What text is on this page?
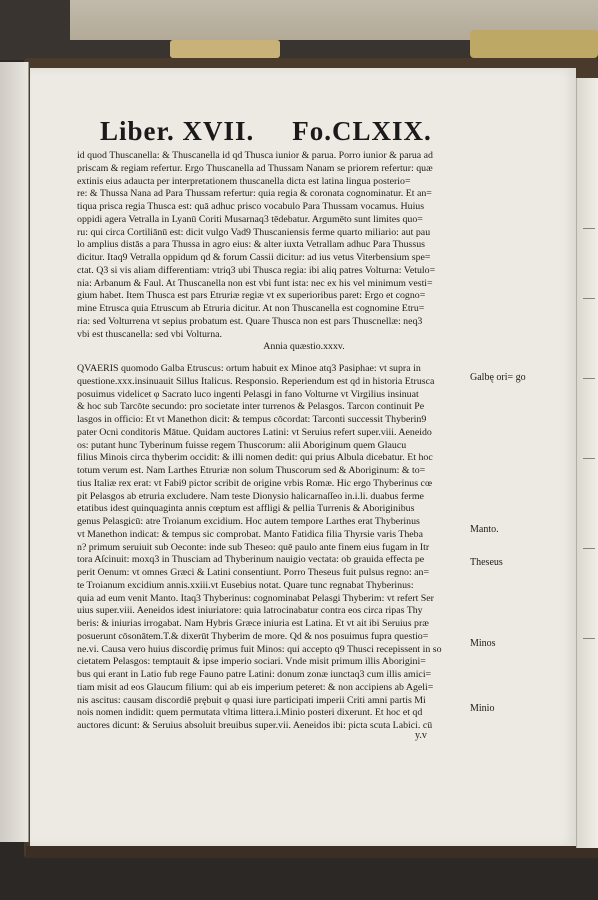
Liber. XVII. Fo.CLXIX.
id quod Thuscanella: & Thuscanella id qd Thusca iunior & parua. Porro iunior & parua ad
priscam & regiam refertur. Ergo Thuscanella ad Thussam Nanam se priorem refertur: quæ
extinis eius adaucta per interpretationem thuscanella dicta est latina lingua posterio=
re: & Thussa Nana ad Para Thussam refertur: quia regia & coronata cognominatur. Et an=
tiqua prisca regia Thusca est: quā adhuc prisco vocabulo Para Thussam vocamus. Huius
oppidi agera Vetralla in Lyanū Coriti Musarnaq3 tēdebatur. Argumēto sunt limites quo=
ru: qui circa Cortiliānū est: dicit vulgo Vad9 Thuscaniensis ferme quarto miliario: aut pau
lo amplius distās a para Thussa in agro eius: & alter iuxta Vetrallam adhuc Para Thussus
dicitur. Itaq9 Vetralla oppidum qd & forum Cassii dicitur: ad ius vetus Viterbensium spe=
ctat. Q3 si vis aliam differentiam: vtriq3 ubi Thusca regia: ibi aliq patres Volturna: Vetulo=
nia: Arbanum & Faul. At Thuscanella non est vbi funt ista: nec ex his vel minimum vesti=
gium habet. Item Thusca est pars Etruriæ regiæ vt ex superioribus paret: Ergo et cogno=
mine Etrusca quia Etruscum ab Etruria dicitur. At non Thuscanella est cognomine Etru=
ria: sed Volturrena vt sepius probatum est. Quare Thusca non est pars Thuscnellæ: neq3
vbi est thuscanella: sed vbi Volturna.
Annia quæstio.xxxv.
QVAERIS quomodo Galba Etruscus: ortum habuit ex Minoe atq3 Pasiphae: vt supra in
questione.xxx.insinuauit Sillus Italicus. Responsio. Reperiendum est qd in historia Etrusca
posuimus videlicet φ Sacrato luco ingenti Pelasgi in fano Volturne vt Virgilius insinuat
& hoc sub Tarcōte secundo: pro societate inter turrenos & Pelasgos. Tarcon continuit Pe
lasgos in officio: Et vt Manethon dicit: & tempus cōcordat: Tarconti successit Thyberin9
pater Ocni conditoris Mātue. Quidam auctores Latini: vt Seruius refert super.viii. Aeneido
os: putant hunc Tyberinum fuisse regem Thuscorum: alii Aboriginum quem Glaucu
filius Minois circa thyberim occidit: & illi nomen dedit: qui prius Albula dicebatur. Et hoc
totum verum est. Nam Larthes Etruriæ non solum Thuscorum sed & Aboriginum: & to=
tius Italiæ rex erat: vt Fabi9 pictor scribit de origine vrbis Romæ. Hic ergo Thyberinus cœ
pit Pelasgos ab etruria excludere. Nam teste Dionysio halicarnaſſeo in.i.li. duabus ferme
etatibus idest quinquaginta annis cœptum est affligi & pellia Turrenis & Aboriginibus
genus Pelasgicū: atre Troianum excidium. Hoc autem tempore Larthes erat Thyberinus
vt Manethon indicat: & tempus sic comprobat. Manto Fatidica filia Thyrsie varis Theba
n? primum seruiuit sub Oeconte: inde sub Theseo: quē paulo ante finem eius fugam in Itr
tora Aſcinuit: moxq3 in Thusciam ad Thyberinum nauigio vectata: ob grauida effecta pe
perit Oenum: vt omnes Græci & Latini consentiunt. Porro Theseus fuit pulsus regno: an=
te Troianum excidium annis.xxiii.vt Eusebius notat. Quare tunc regnabat Thyberinus:
quia ad eum venit Manto. Itaq3 Thyberinus: cognominabat Pelasgi Thyberim: vt refert Ser
uius super.viii. Aeneidos idest iniuriatore: quia latrocinabatur contra eos circa ripas Thy
beris: & iniurias irrogabat. Nam Hybris Græce iniuria est Latina. Et vt ait ibi Seruius præ
posuerunt cōsonātem.T.& dixerūt Thyberim de more. Qd & nos posuimus fupra questio=
ne.vi. Causa vero huius discordię primus fuit Minos: qui accepto q9 Thusci recepissent in so
cietatem Pelasgos: temptauit & ipse imperio sociari. Vnde misit primum illis Aborigini=
bus qui erant in Latio fub rege Fauno patre Latini: donum zonæ iunctaq3 cum illis amici=
tiam misit ad eos Glaucum filium: qui ab eis imperium peteret: & non accipiens ab Ageli=
nis ascitus: causam discordiē prębuit φ quasi iure participati imperii Criti amni partis Mi
nois nomen indidit: quem permutata vltima littera.i.Minio posteri dixerunt. Et hoc et qd
auctores dicunt: & Seruius absoluit breuibus super.vii. Aeneidos ibi: picta scuta Labici. cū
Galbę ori= go
Manto.
Theseus
Minos
Minio
y.v
